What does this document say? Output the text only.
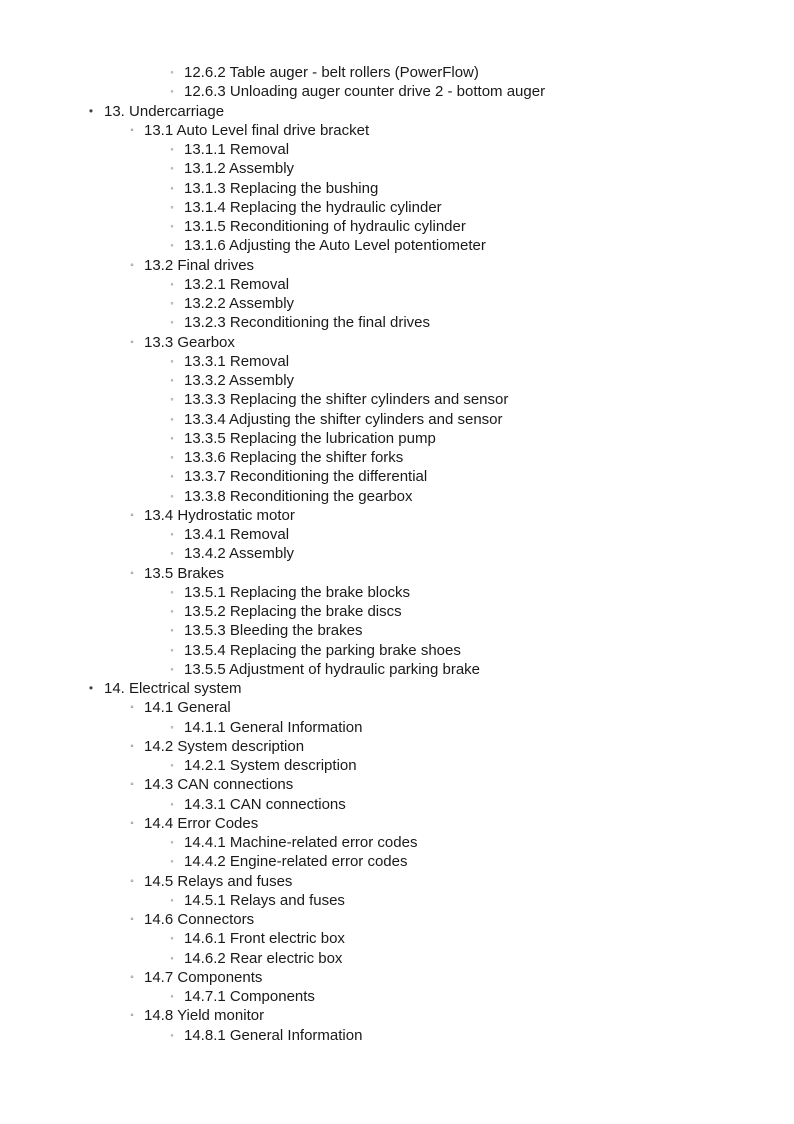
◦ 12.6.2 Table auger - belt rollers (PowerFlow)
◦ 12.6.3 Unloading auger counter drive 2 - bottom auger
• 13. Undercarriage
◦ 13.1 Auto Level final drive bracket
◦ 13.1.1 Removal
◦ 13.1.2 Assembly
◦ 13.1.3 Replacing the bushing
◦ 13.1.4 Replacing the hydraulic cylinder
◦ 13.1.5 Reconditioning of hydraulic cylinder
◦ 13.1.6 Adjusting the Auto Level potentiometer
◦ 13.2 Final drives
◦ 13.2.1 Removal
◦ 13.2.2 Assembly
◦ 13.2.3 Reconditioning the final drives
◦ 13.3 Gearbox
◦ 13.3.1 Removal
◦ 13.3.2 Assembly
◦ 13.3.3 Replacing the shifter cylinders and sensor
◦ 13.3.4 Adjusting the shifter cylinders and sensor
◦ 13.3.5 Replacing the lubrication pump
◦ 13.3.6 Replacing the shifter forks
◦ 13.3.7 Reconditioning the differential
◦ 13.3.8 Reconditioning the gearbox
◦ 13.4 Hydrostatic motor
◦ 13.4.1 Removal
◦ 13.4.2 Assembly
◦ 13.5 Brakes
◦ 13.5.1 Replacing the brake blocks
◦ 13.5.2 Replacing the brake discs
◦ 13.5.3 Bleeding the brakes
◦ 13.5.4 Replacing the parking brake shoes
◦ 13.5.5 Adjustment of hydraulic parking brake
• 14. Electrical system
◦ 14.1 General
◦ 14.1.1 General Information
◦ 14.2 System description
◦ 14.2.1 System description
◦ 14.3 CAN connections
◦ 14.3.1 CAN connections
◦ 14.4 Error Codes
◦ 14.4.1 Machine-related error codes
◦ 14.4.2 Engine-related error codes
◦ 14.5 Relays and fuses
◦ 14.5.1 Relays and fuses
◦ 14.6 Connectors
◦ 14.6.1 Front electric box
◦ 14.6.2 Rear electric box
◦ 14.7 Components
◦ 14.7.1 Components
◦ 14.8 Yield monitor
◦ 14.8.1 General Information
